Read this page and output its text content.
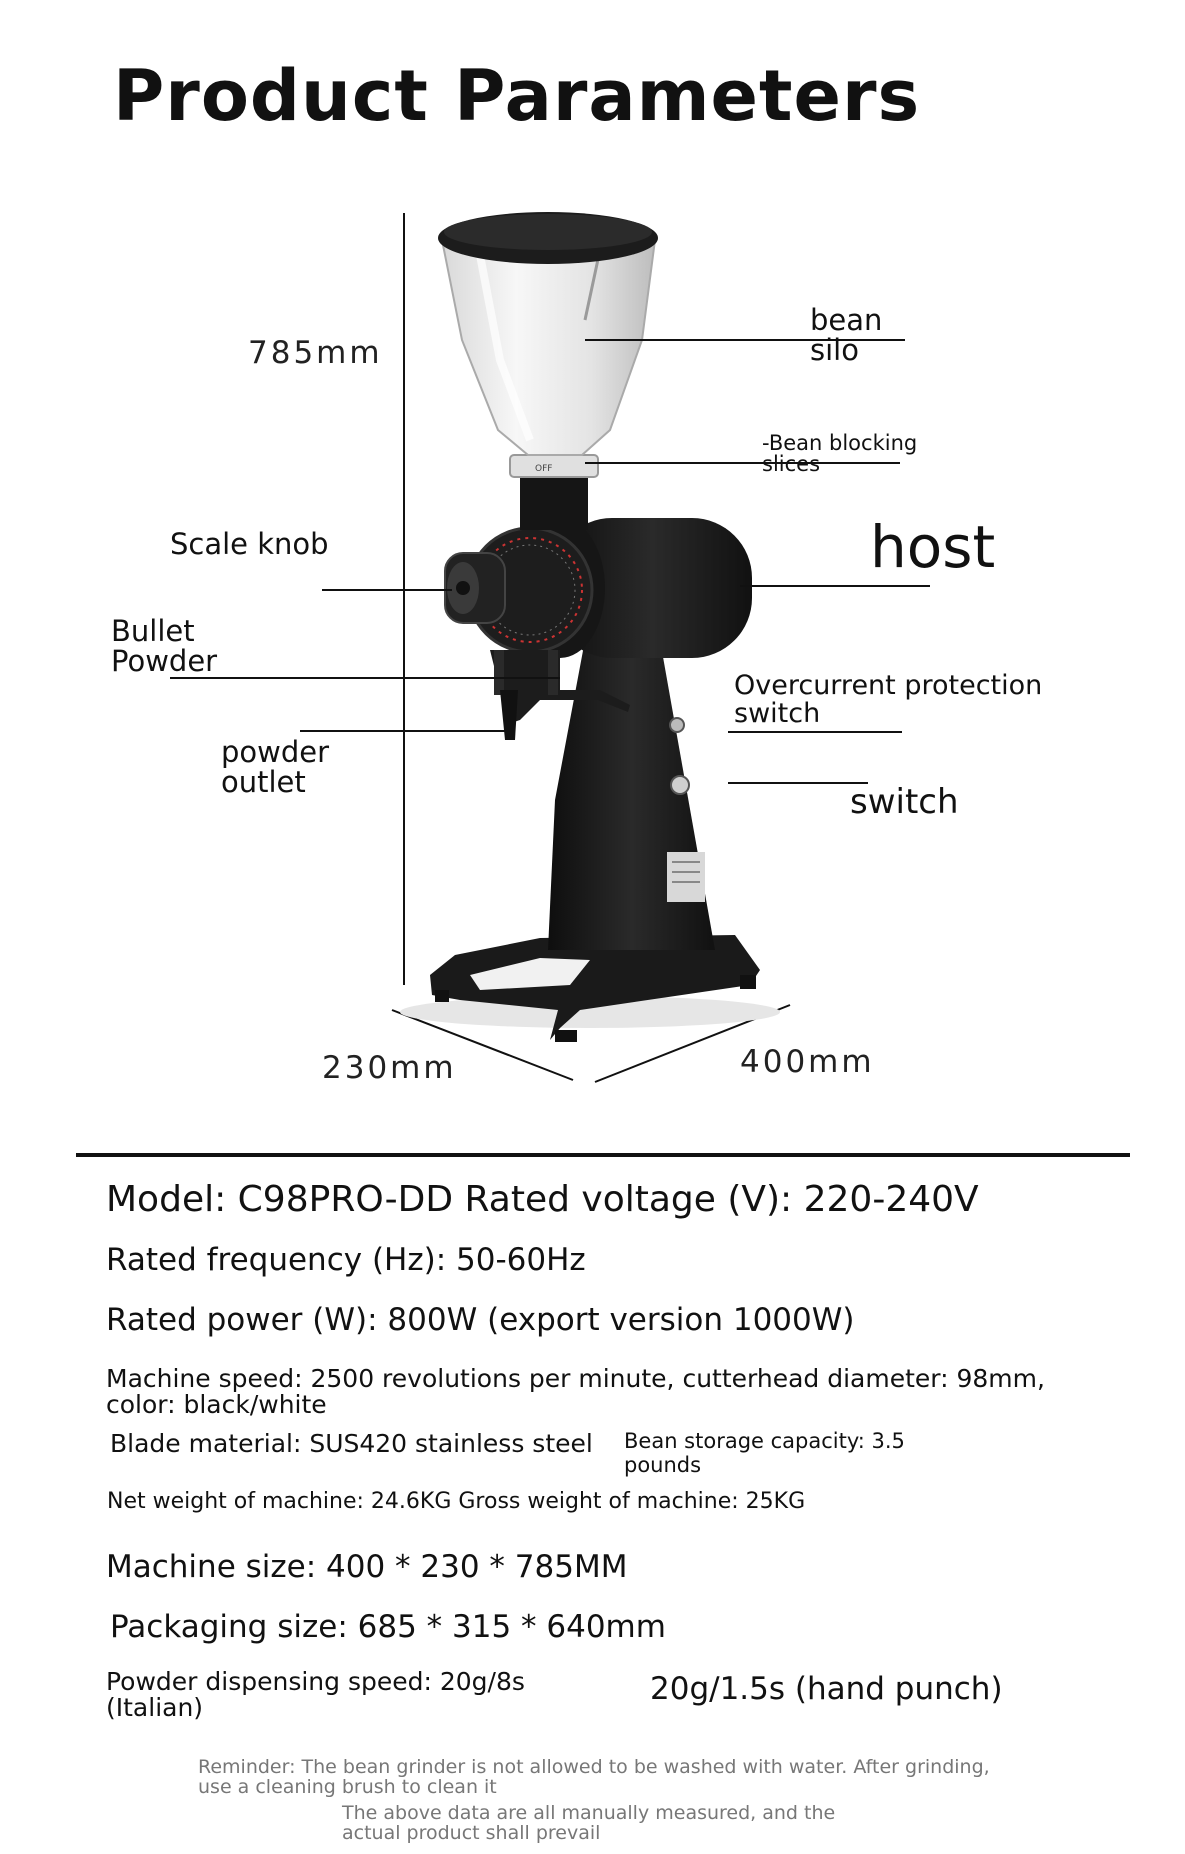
Product Parameters
OFF
785mm
230mm	400mm
bean
silo
-Bean blocking
slices
host
Scale knob
Bullet
Powder
Overcurrent protection
switch
powder
outlet
switch
Model: C98PRO-DD Rated voltage (V): 220-240V
Rated frequency (Hz): 50-60Hz
Rated power (W): 800W (export version 1000W)
Machine speed: 2500 revolutions per minute, cutterhead diameter: 98mm,
color: black/white
Blade material: SUS420 stainless steel Bean storage capacity: 3.5
pounds
Net weight of machine: 24.6KG Gross weight of machine: 25KG
Machine size: 400 * 230 * 785MM
Packaging size: 685 * 315 * 640mm
Powder dispensing speed: 20g/8s
(Italian)
20g/1.5s (hand punch)
Reminder: The bean grinder is not allowed to be washed with water. After grinding,
use a cleaning brush to clean it
The above data are all manually measured, and the
actual product shall prevail
